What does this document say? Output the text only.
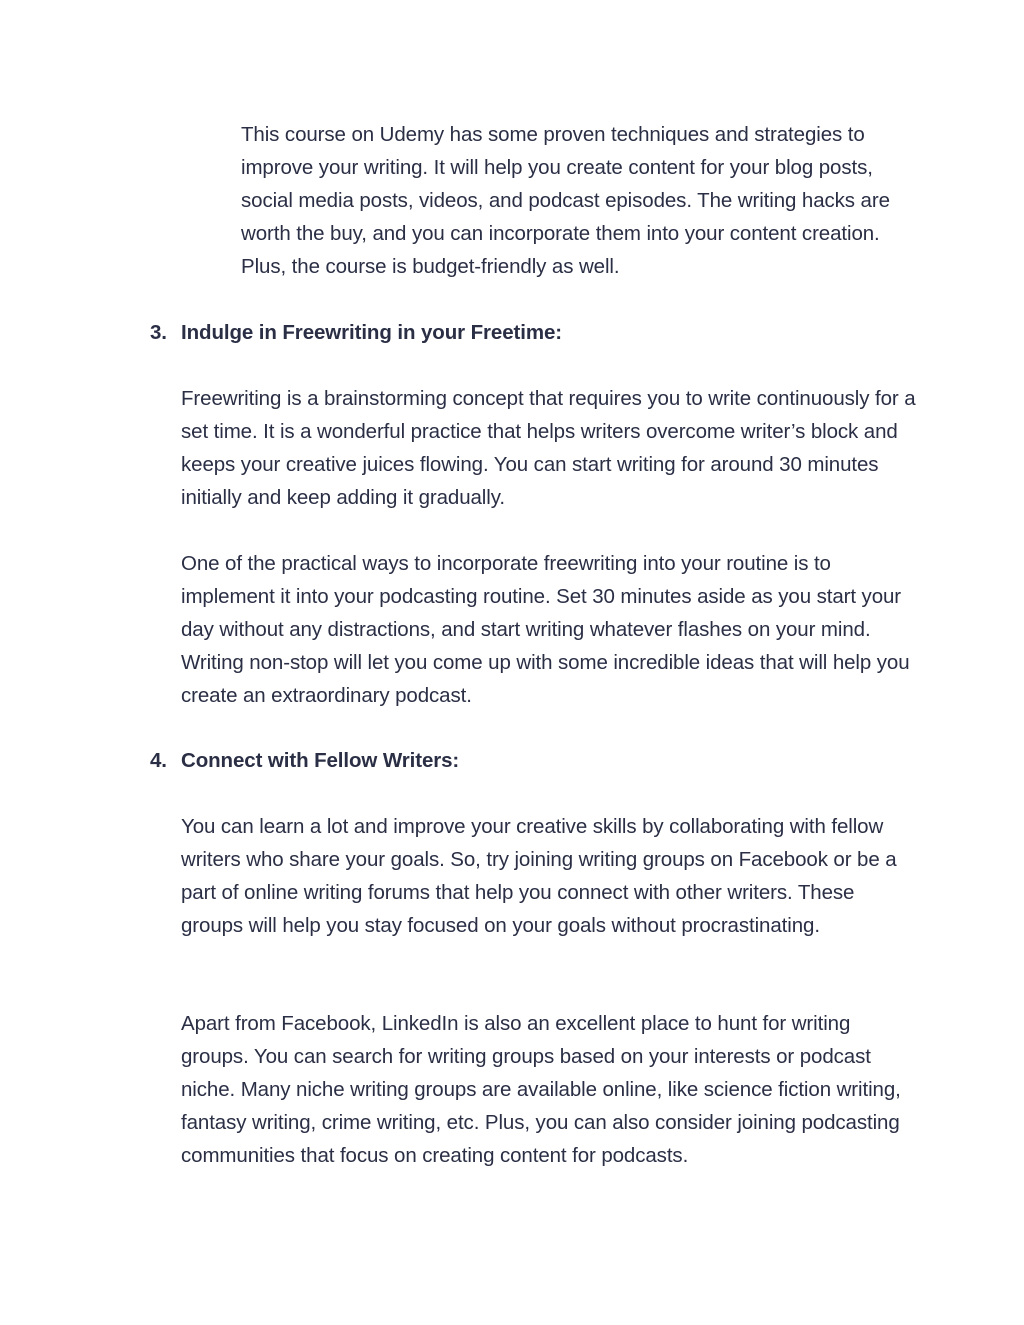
This course on Udemy has some proven techniques and strategies to improve your writing. It will help you create content for your blog posts, social media posts, videos, and podcast episodes. The writing hacks are worth the buy, and you can incorporate them into your content creation. Plus, the course is budget-friendly as well.

3. Indulge in Freewriting in your Freetime:

Freewriting is a brainstorming concept that requires you to write continuously for a set time. It is a wonderful practice that helps writers overcome writer’s block and keeps your creative juices flowing. You can start writing for around 30 minutes initially and keep adding it gradually.

One of the practical ways to incorporate freewriting into your routine is to implement it into your podcasting routine. Set 30 minutes aside as you start your day without any distractions, and start writing whatever flashes on your mind. Writing non-stop will let you come up with some incredible ideas that will help you create an extraordinary podcast.

4. Connect with Fellow Writers:

You can learn a lot and improve your creative skills by collaborating with fellow writers who share your goals. So, try joining writing groups on Facebook or be a part of online writing forums that help you connect with other writers. These groups will help you stay focused on your goals without procrastinating.

Apart from Facebook, LinkedIn is also an excellent place to hunt for writing groups. You can search for writing groups based on your interests or podcast niche. Many niche writing groups are available online, like science fiction writing, fantasy writing, crime writing, etc. Plus, you can also consider joining podcasting communities that focus on creating content for podcasts.
